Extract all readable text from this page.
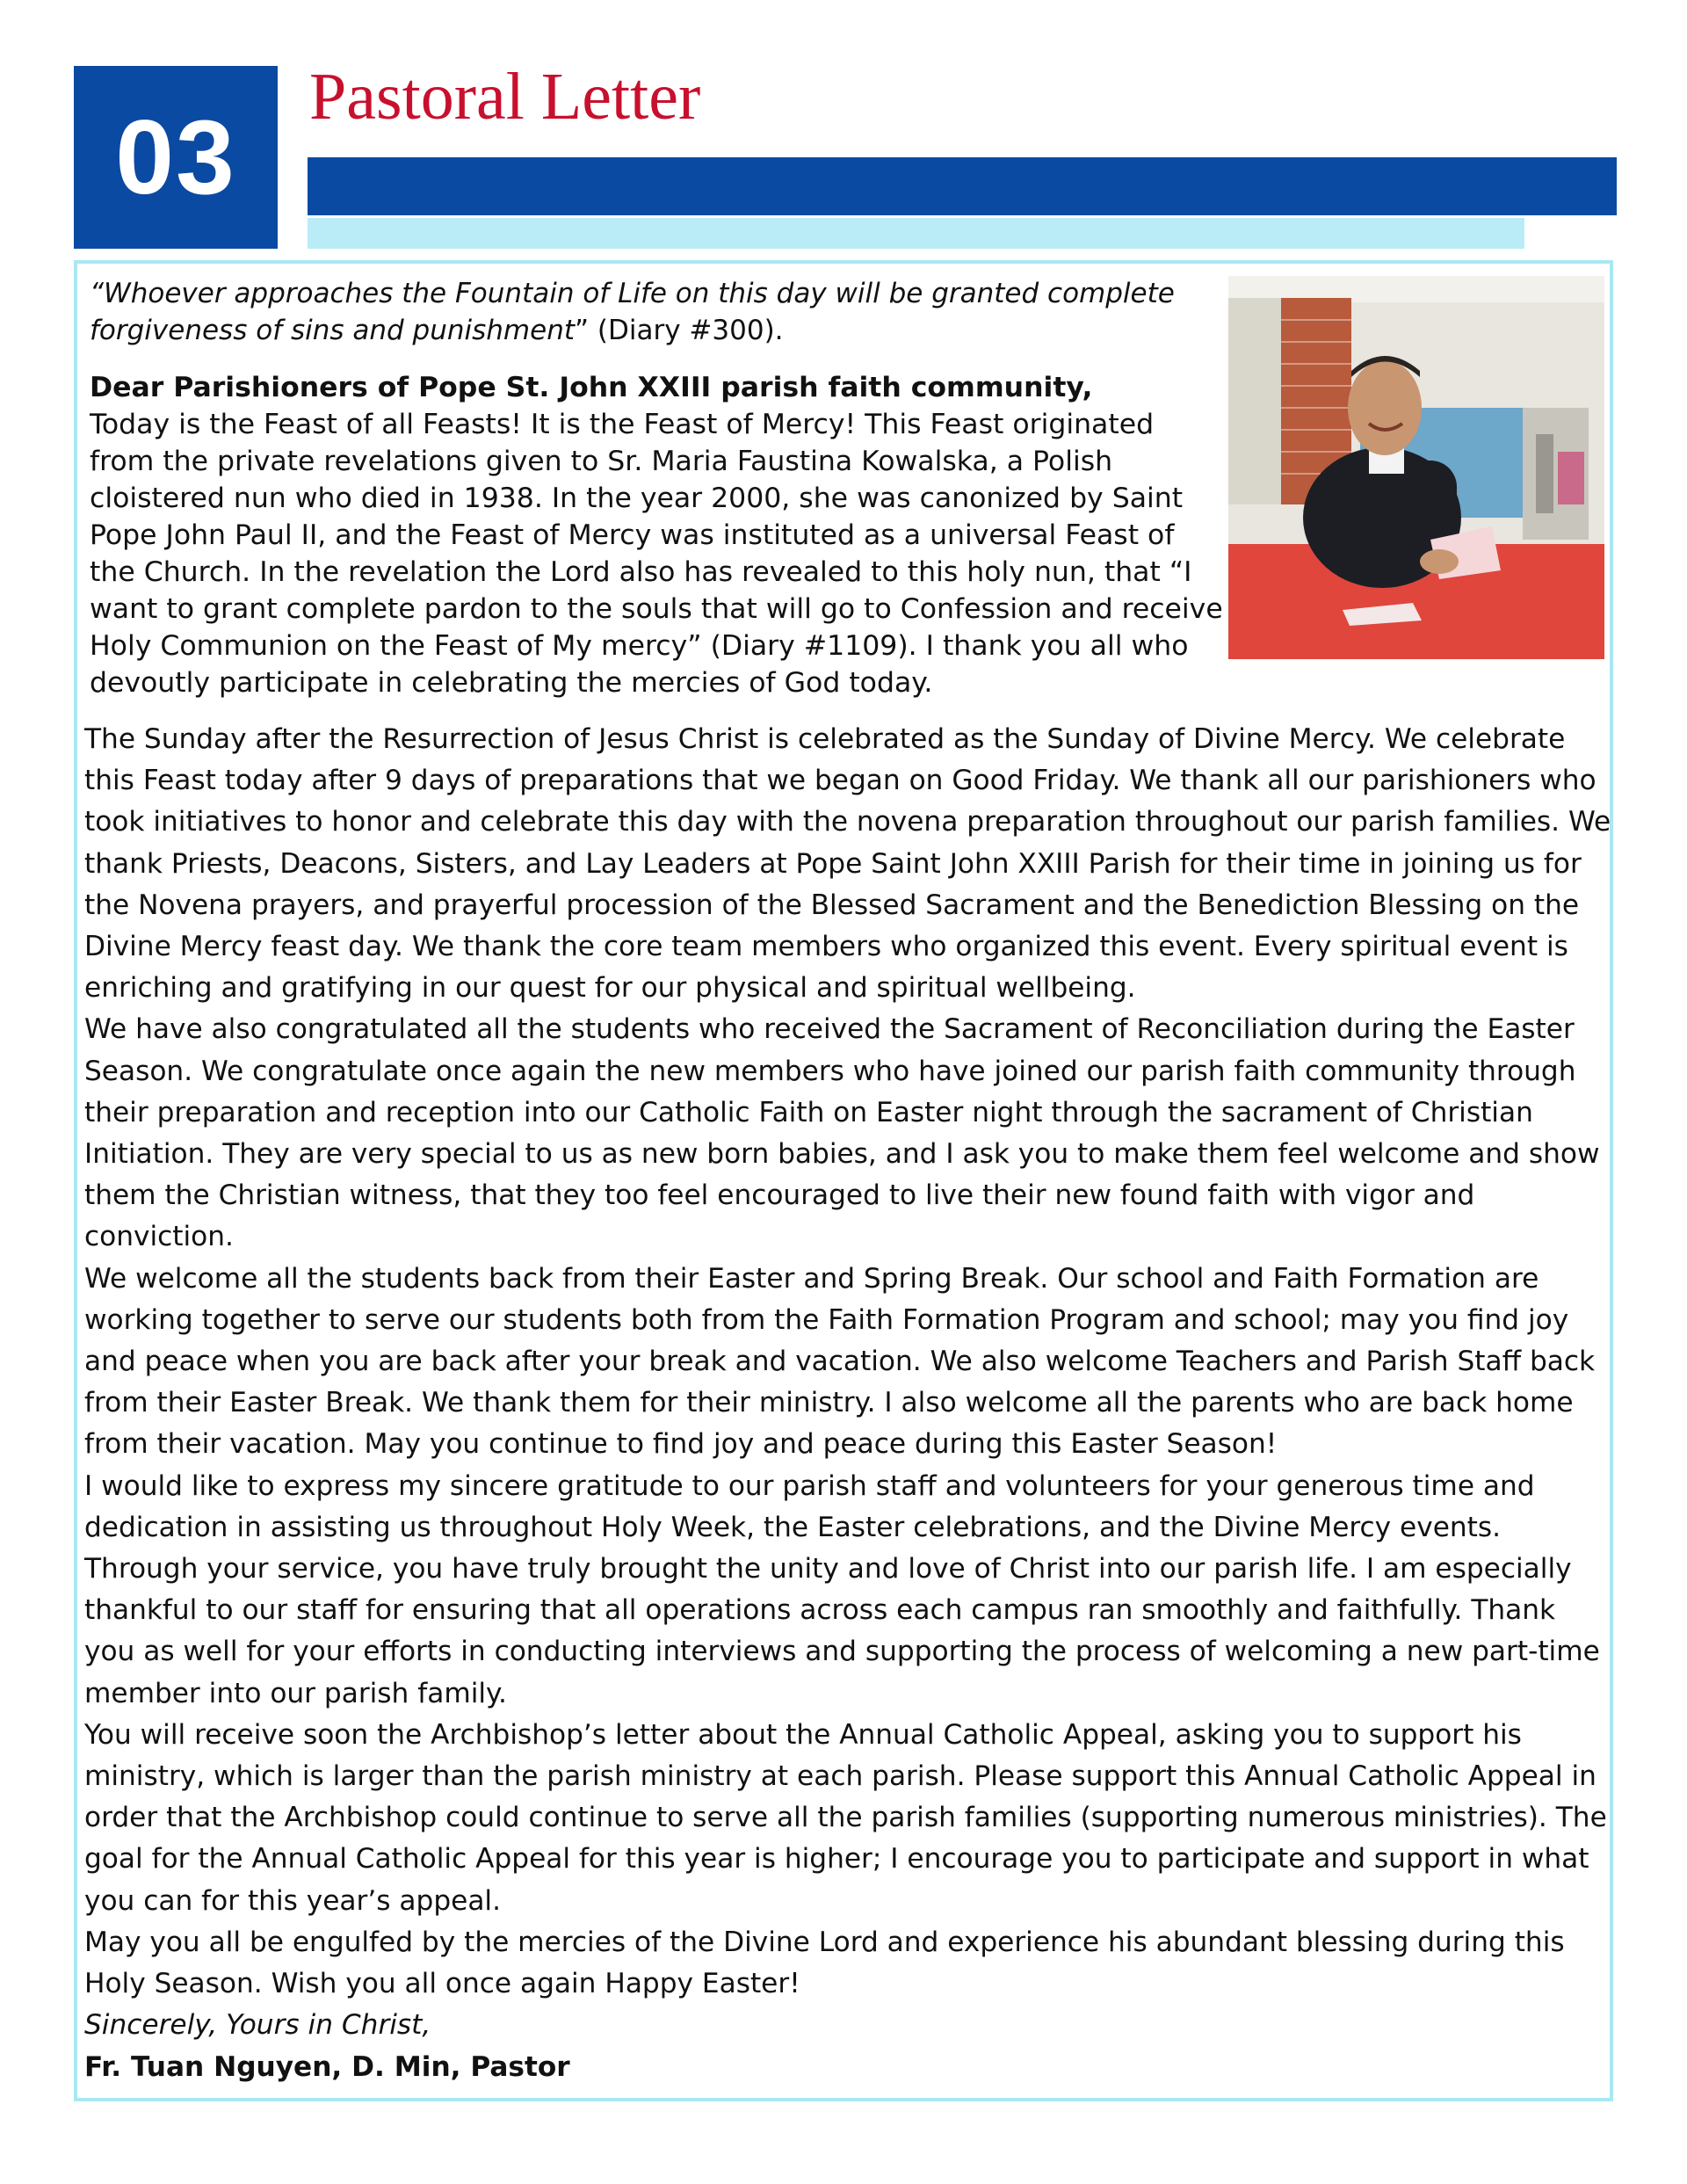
03
Pastoral Letter
“Whoever approaches the Fountain of Life on this day will be granted complete forgiveness of sins and punishment” (Diary #300).
Dear Parishioners of Pope St. John XXIII parish faith community,
Today is the Feast of all Feasts! It is the Feast of Mercy! This Feast originated from the private revelations given to Sr. Maria Faustina Kowalska, a Polish cloistered nun who died in 1938. In the year 2000, she was canonized by Saint Pope John Paul II, and the Feast of Mercy was instituted as a universal Feast of the Church. In the revelation the Lord also has revealed to this holy nun, that “I want to grant complete pardon to the souls that will go to Confession and receive Holy Communion on the Feast of My mercy” (Diary #1109). I thank you all who devoutly participate in celebrating the mercies of God today.

The Sunday after the Resurrection of Jesus Christ is celebrated as the Sunday of Divine Mercy. We celebrate this Feast today after 9 days of preparations that we began on Good Friday. We thank all our parishioners who took initiatives to honor and celebrate this day with the novena preparation throughout our parish families. We thank Priests, Deacons, Sisters, and Lay Leaders at Pope Saint John XXIII Parish for their time in joining us for the Novena prayers, and prayerful procession of the Blessed Sacrament and the Benediction Blessing on the Divine Mercy feast day. We thank the core team members who organized this event. Every spiritual event is enriching and gratifying in our quest for our physical and spiritual wellbeing.

We have also congratulated all the students who received the Sacrament of Reconciliation during the Easter Season. We congratulate once again the new members who have joined our parish faith community through their preparation and reception into our Catholic Faith on Easter night through the sacrament of Christian Initiation. They are very special to us as new born babies, and I ask you to make them feel welcome and show them the Christian witness, that they too feel encouraged to live their new found faith with vigor and conviction.

We welcome all the students back from their Easter and Spring Break. Our school and Faith Formation are working together to serve our students both from the Faith Formation Program and school; may you find joy and peace when you are back after your break and vacation. We also welcome Teachers and Parish Staff back from their Easter Break. We thank them for their ministry. I also welcome all the parents who are back home from their vacation. May you continue to find joy and peace during this Easter Season!

I would like to express my sincere gratitude to our parish staff and volunteers for your generous time and dedication in assisting us throughout Holy Week, the Easter celebrations, and the Divine Mercy events. Through your service, you have truly brought the unity and love of Christ into our parish life. I am especially thankful to our staff for ensuring that all operations across each campus ran smoothly and faithfully. Thank you as well for your efforts in conducting interviews and supporting the process of welcoming a new part-time member into our parish family.

You will receive soon the Archbishop’s letter about the Annual Catholic Appeal, asking you to support his ministry, which is larger than the parish ministry at each parish. Please support this Annual Catholic Appeal in order that the Archbishop could continue to serve all the parish families (supporting numerous ministries). The goal for the Annual Catholic Appeal for this year is higher; I encourage you to participate and support in what you can for this year’s appeal.

May you all be engulfed by the mercies of the Divine Lord and experience his abundant blessing during this Holy Season. Wish you all once again Happy Easter!

Sincerely, Yours in Christ,

Fr. Tuan Nguyen, D. Min, Pastor
